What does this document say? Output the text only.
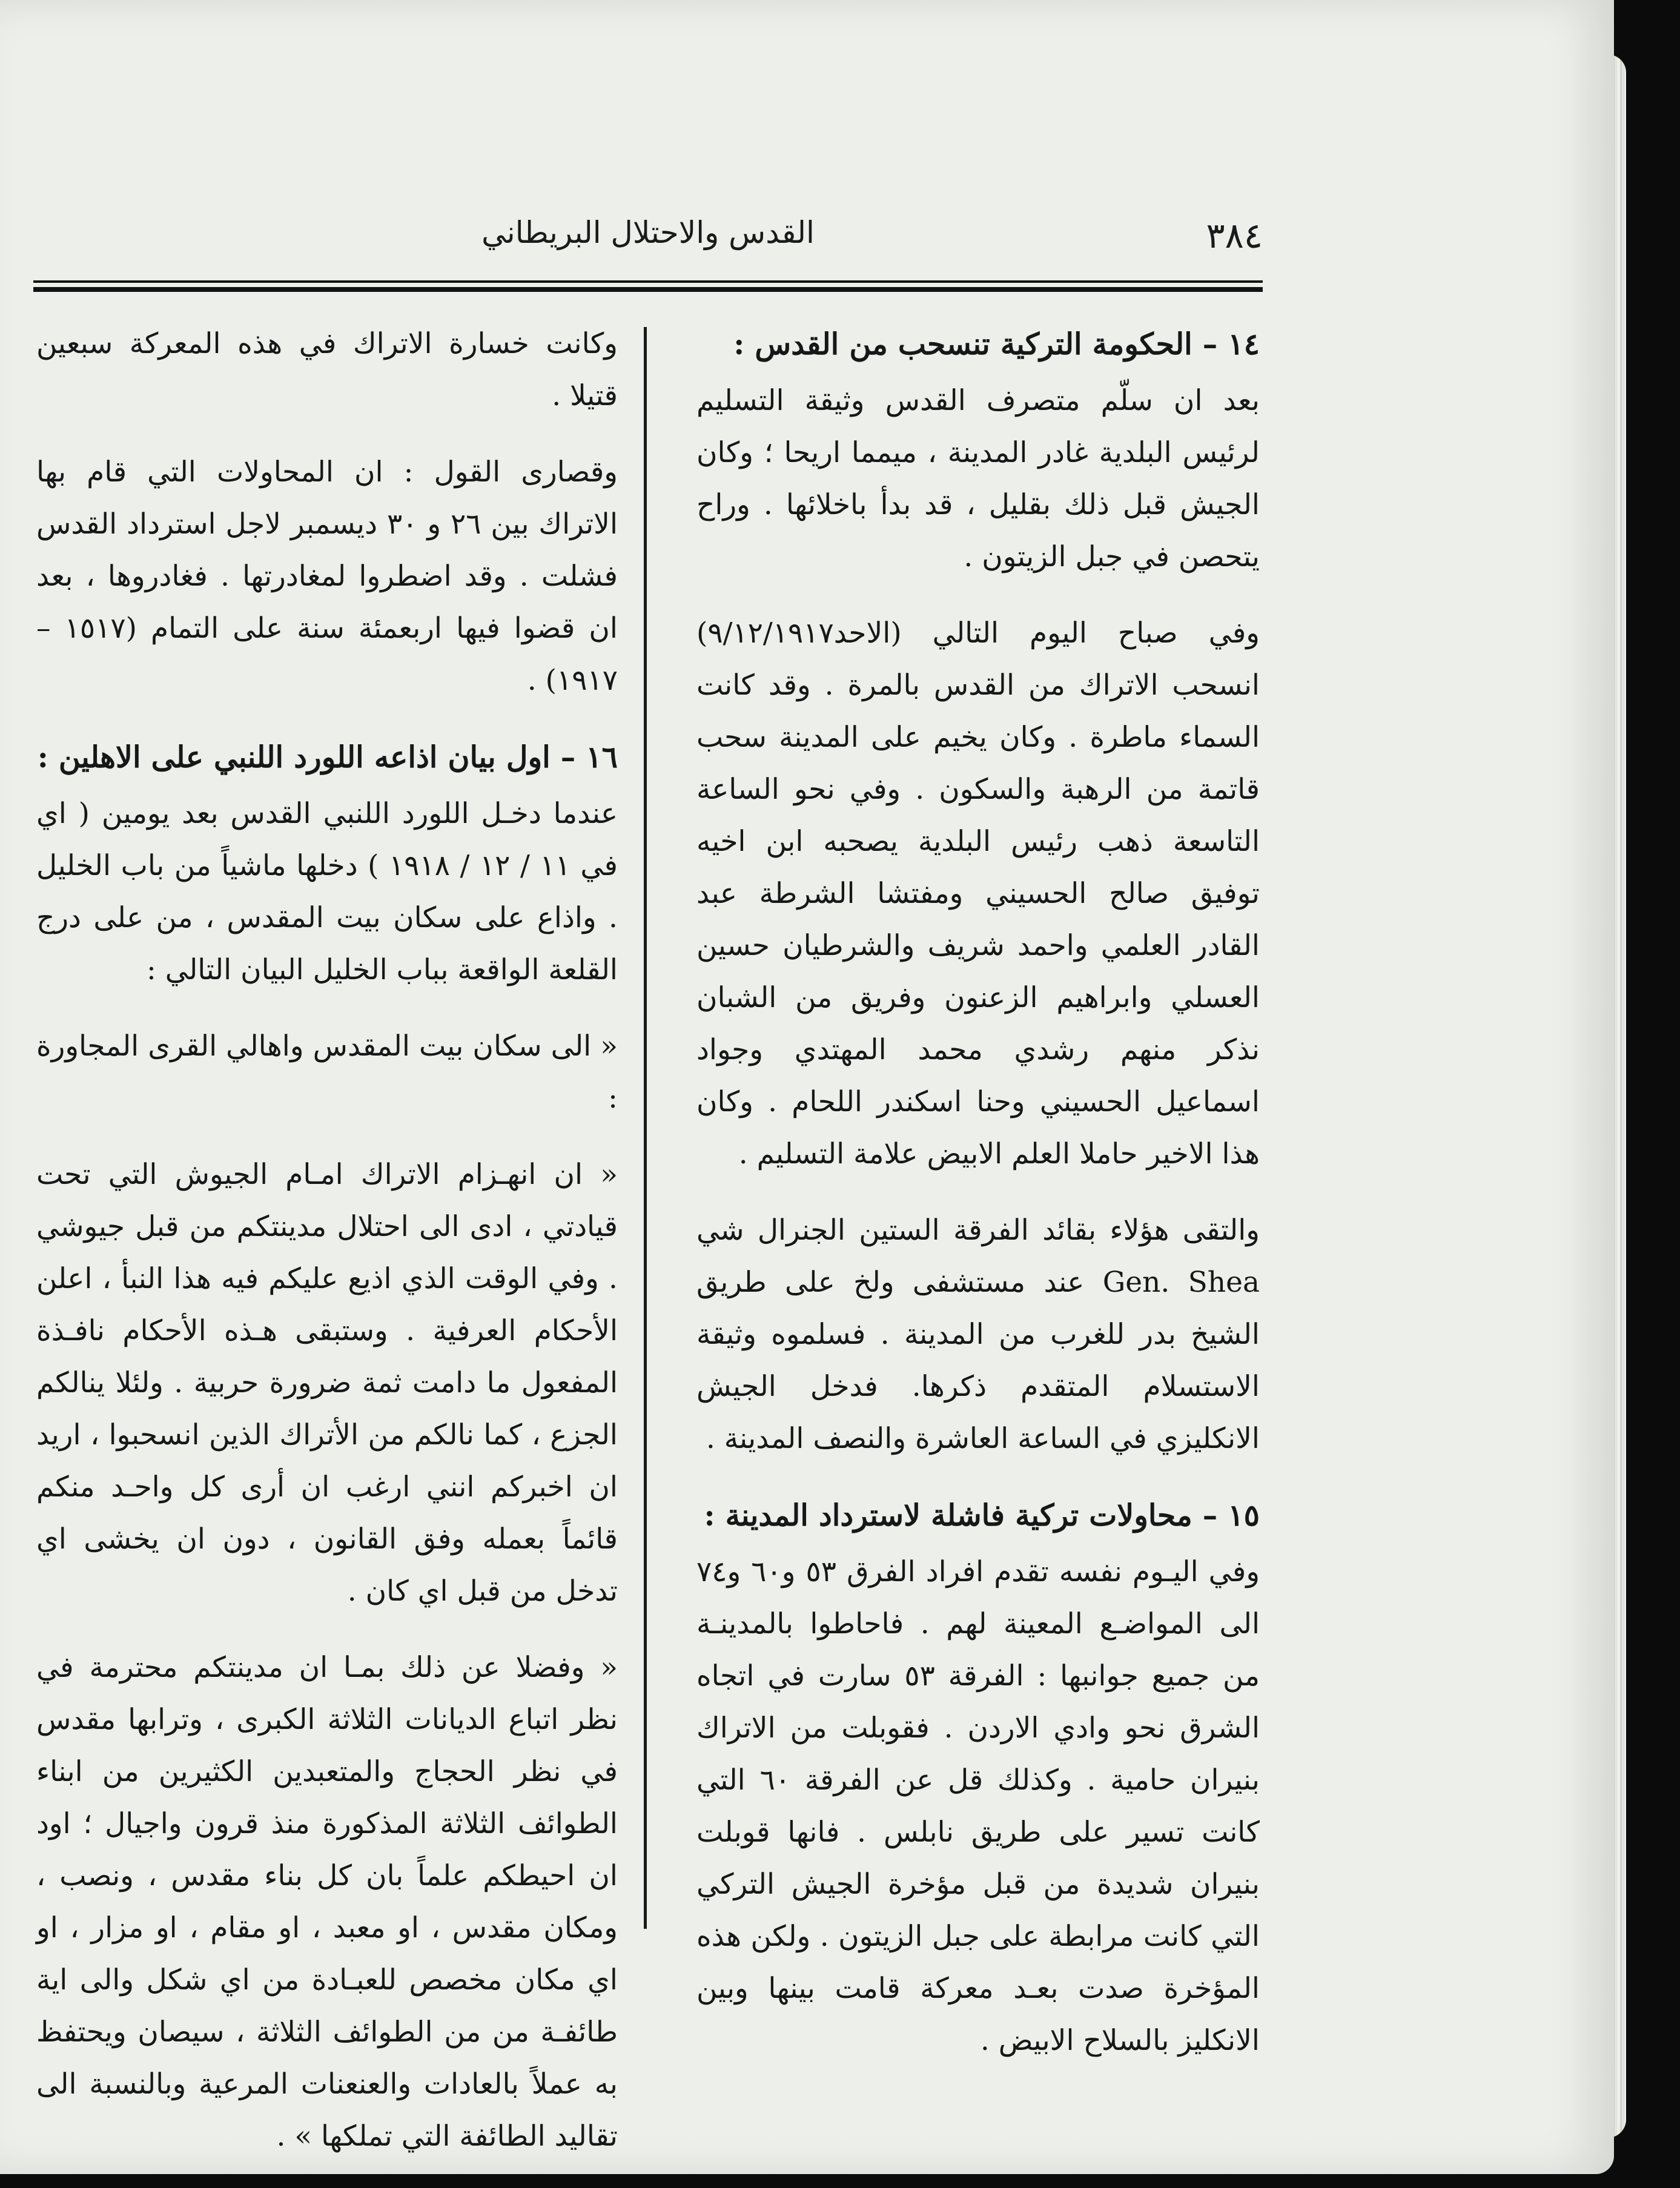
٣٨٤
القدس والاحتلال البريطاني
١٤ – الحكومة التركية تنسحب من القدس :

بعد ان سلّم متصرف القدس وثيقة التسليم لرئيس البلدية غادر المدينة ، ميمما اريحا ؛ وكان الجيش قبل ذلك بقليل ، قد بدأ باخلائها . وراح يتحصن في جبل الزيتون .

وفي صباح اليوم التالي (الاحد٩/١٢/١٩١٧) انسحب الاتراك من القدس بالمرة . وقد كانت السماء ماطرة . وكان يخيم على المدينة سحب قاتمة من الرهبة والسكون . وفي نحو الساعة التاسعة ذهب رئيس البلدية يصحبه ابن اخيه توفيق صالح الحسيني ومفتشا الشرطة عبد القادر العلمي واحمد شريف والشرطيان حسين العسلي وابراهيم الزعنون وفريق من الشبان نذكر منهم رشدي محمد المهتدي وجواد اسماعيل الحسيني وحنا اسكندر اللحام . وكان هذا الاخير حاملا العلم الابيض علامة التسليم .

والتقى هؤلاء بقائد الفرقة الستين الجنرال شي Gen. Shea عند مستشفى ولخ على طريق الشيخ بدر للغرب من المدينة . فسلموه وثيقة الاستسلام المتقدم ذكرها. فدخل الجيش الانكليزي في الساعة العاشرة والنصف المدينة .

١٥ – محاولات تركية فاشلة لاسترداد المدينة :

وفي اليـوم نفسه تقدم افراد الفرق ٥٣ و٦٠ و٧٤ الى المواضـع المعينة لهم . فاحاطوا بالمدينـة من جميع جوانبها : الفرقة ٥٣ سارت في اتجاه الشرق نحو وادي الاردن . فقوبلت من الاتراك بنيران حامية . وكذلك قل عن الفرقة ٦٠ التي كانت تسير على طريق نابلس . فانها قوبلت بنيران شديدة من قبل مؤخرة الجيش التركي التي كانت مرابطة على جبل الزيتون . ولكن هذه المؤخرة صدت بعـد معركة قامت بينها وبين الانكليز بالسلاح الابيض .

وكانت خسارة الاتراك في هذه المعركة سبعين قتيلا .

وقصارى القول : ان المحاولات التي قام بها الاتراك بين ٢٦ و ٣٠ ديسمبر لاجل استرداد القدس فشلت . وقد اضطروا لمغادرتها . فغادروها ، بعد ان قضوا فيها اربعمئة سنة على التمام (١٥١٧ – ١٩١٧) .

١٦ – اول بيان اذاعه اللورد اللنبي على الاهلين :

عندما دخـل اللورد اللنبي القدس بعد يومين ( اي في ١١ / ١٢ / ١٩١٨ ) دخلها ماشياً من باب الخليل . واذاع على سكان بيت المقدس ، من على درج القلعة الواقعة بباب الخليل البيان التالي :

« الى سكان بيت المقدس واهالي القرى المجاورة :

« ان انهـزام الاتراك امـام الجيوش التي تحت قيادتي ، ادى الى احتلال مدينتكم من قبل جيوشي . وفي الوقت الذي اذيع عليكم فيه هذا النبأ ، اعلن الأحكام العرفية . وستبقى هـذه الأحكام نافـذة المفعول ما دامت ثمة ضرورة حربية . ولئلا ينالكم الجزع ، كما نالكم من الأتراك الذين انسحبوا ، اريد ان اخبركم انني ارغب ان أرى كل واحـد منكم قائماً بعمله وفق القانون ، دون ان يخشى اي تدخل من قبل اي كان .

« وفضلا عن ذلك بمـا ان مدينتكم محترمة في نظر اتباع الديانات الثلاثة الكبرى ، وترابها مقدس في نظر الحجاج والمتعبدين الكثيرين من ابناء الطوائف الثلاثة المذكورة منذ قرون واجيال ؛ اود ان احيطكم علماً بان كل بناء مقدس ، ونصب ، ومكان مقدس ، او معبد ، او مقام ، او مزار ، او اي مكان مخصص للعبـادة من اي شكل والى اية طائفـة من من الطوائف الثلاثة ، سيصان ويحتفظ به عملاً بالعادات والعنعنات المرعية وبالنسبة الى تقاليد الطائفة التي تملكها » .
